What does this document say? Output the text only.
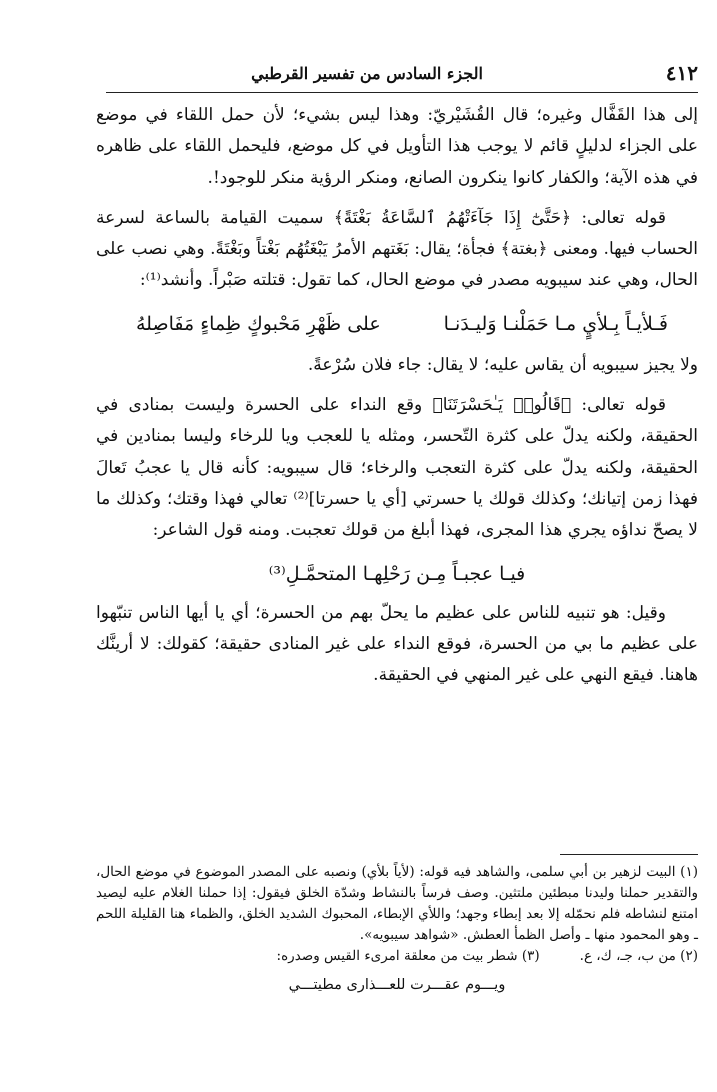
٤١٢
الجزء السادس من تفسير القرطبي

إلى هذا القَفَّال وغيره؛ قال القُشَيْريّ: وهذا ليس بشيء؛ لأن حمل اللقاء في موضع على الجزاء لدليلٍ قائم لا يوجب هذا التأويل في كل موضع، فليحمل اللقاء على ظاهره في هذه الآية؛ والكفار كانوا ينكرون الصانع، ومنكر الرؤية منكر للوجود!.

قوله تعالى: ﴿حَتَّىٰٓ إِذَا جَآءَتْهُمُ ٱلسَّاعَةُ بَغْتَةً﴾ سميت القيامة بالساعة لسرعة الحساب فيها. ومعنى ﴿بغتة﴾ فجأة؛ يقال: بَغَتهم الأمرُ يَبْغَتُهُم بَغْتاً وبَغْتَةً. وهي نصب على الحال، وهي عند سيبويه مصدر في موضع الحال، كما تقول: قتلته صَبْراً. وأنشد⁽¹⁾:

فَـلأيـاً بِـلأيٍ مـا حَمَلْنـا وَليـدَنـا
على ظَهْرِ مَحْبوكٍ ظِماءٍ مَفَاصِلهُ

ولا يجيز سيبويه أن يقاس عليه؛ لا يقال: جاء فلان سُرْعةً.

قوله تعالى: ﴿قَالُوا۟ يَـٰحَسْرَتَنَا﴾ وقع النداء على الحسرة وليست بمنادى في الحقيقة، ولكنه يدلّ على كثرة التّحسر، ومثله يا للعجب ويا للرخاء وليسا بمنادين في الحقيقة، ولكنه يدلّ على كثرة التعجب والرخاء؛ قال سيبويه: كأنه قال يا عجبُ تَعالَ فهذا زمن إتيانك؛ وكذلك قولك يا حسرتي [أي يا حسرتا]⁽²⁾ تعالي فهذا وقتك؛ وكذلك ما لا يصحّ نداؤه يجري هذا المجرى، فهذا أبلغ من قولك تعجبت. ومنه قول الشاعر:

فيـا عجبـاً مِـن رَحْلِهـا المتحمَّـلِ⁽³⁾

وقيل: هو تنبيه للناس على عظيم ما يحلّ بهم من الحسرة؛ أي يا أيها الناس تنبّهوا على عظيم ما بي من الحسرة، فوقع النداء على غير المنادى حقيقة؛ كقولك: لا أرينَّك هاهنا. فيقع النهي على غير المنهي في الحقيقة.

(١) البيت لزهير بن أبي سلمى، والشاهد فيه قوله: (لأياً بلأي) ونصبه على المصدر الموضوع في موضع الحال، والتقدير حملنا وليدنا مبطئين ملتثين. وصف فرساً بالنشاط وشدّة الخلق فيقول: إذا حملنا الغلام عليه ليصيد امتنع لنشاطه فلم نحمّله إلا بعد إبطاء وجهد؛ واللأي الإبطاء، المحبوك الشديد الخلق، والظماء هنا القليلة اللحم ـ وهو المحمود منها ـ وأصل الظمأ العطش. «شواهد سيبويه».

(٢) من ب، جـ، ك، ع.
(٣) شطر بيت من معلقة امرىء القيس وصدره:
ويـــوم عقـــرت للعـــذارى مطيتـــي
